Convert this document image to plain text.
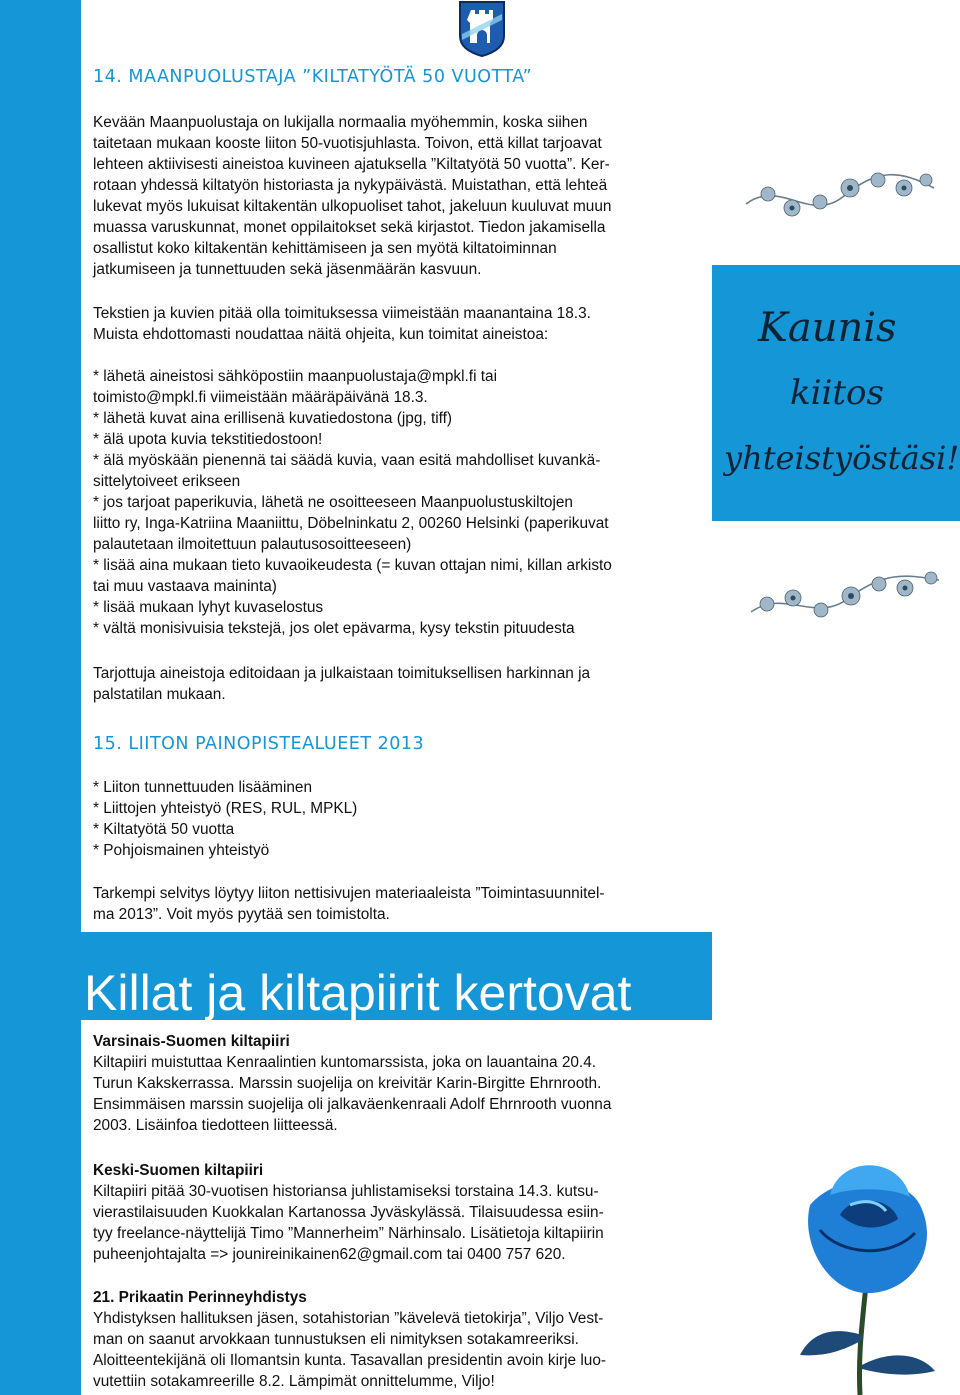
14. MAANPUOLUSTAJA ”KILTATYÖTÄ 50 VUOTTA”
Kevään Maanpuolustaja on lukijalla normaalia myöhemmin, koska siihen
taitetaan mukaan kooste liiton 50-vuotisjuhlasta. Toivon, että killat tarjoavat
lehteen aktiivisesti aineistoa kuvineen ajatuksella ”Kiltatyötä 50 vuotta”. Ker-
rotaan yhdessä kiltatyön historiasta ja nykypäivästä. Muistathan, että lehteä
lukevat myös lukuisat kiltakentän ulkopuoliset tahot, jakeluun kuuluvat muun
muassa varuskunnat, monet oppilaitokset sekä kirjastot. Tiedon jakamisella
osallistut koko kiltakentän kehittämiseen ja sen myötä kiltatoiminnan
jatkumiseen ja tunnettuuden sekä jäsenmäärän kasvuun.
Tekstien ja kuvien pitää olla toimituksessa viimeistään maanantaina 18.3.
Muista ehdottomasti noudattaa näitä ohjeita, kun toimitat aineistoa:
* lähetä aineistosi sähköpostiin maanpuolustaja@mpkl.fi tai
toimisto@mpkl.fi viimeistään määräpäivänä 18.3.
* lähetä kuvat aina erillisenä kuvatiedostona (jpg, tiff)
* älä upota kuvia tekstitiedostoon!
* älä myöskään pienennä tai säädä kuvia, vaan esitä mahdolliset kuvankä-
sittelytoiveet erikseen
* jos tarjoat paperikuvia, lähetä ne osoitteeseen Maanpuolustuskiltojen
liitto ry, Inga-Katriina Maaniittu, Döbelninkatu 2, 00260 Helsinki (paperikuvat
palautetaan ilmoitettuun palautusosoitteeseen)
* lisää aina mukaan tieto kuvaoikeudesta (= kuvan ottajan nimi, killan arkisto
tai muu vastaava maininta)
* lisää mukaan lyhyt kuvaselostus
* vältä monisivuisia tekstejä, jos olet epävarma, kysy tekstin pituudesta
Tarjottuja aineistoja editoidaan ja julkaistaan toimituksellisen harkinnan ja
palstatilan mukaan.
Kaunis
kiitos
yhteistyöstäsi!
15. LIITON PAINOPISTEALUEET 2013
* Liiton tunnettuuden lisääminen
* Liittojen yhteistyö (RES, RUL, MPKL)
* Kiltatyötä 50 vuotta
* Pohjoismainen yhteistyö
Tarkempi selvitys löytyy liiton nettisivujen materiaaleista ”Toimintasuunnitel-
ma 2013”. Voit myös pyytää sen toimistolta.
Killat ja kiltapiirit kertovat
Varsinais-Suomen kiltapiiri
Kiltapiiri muistuttaa Kenraalintien kuntomarssista, joka on lauantaina 20.4.
Turun Kakskerrassa. Marssin suojelija on kreivitär Karin-Birgitte Ehrnrooth.
Ensimmäisen marssin suojelija oli jalkaväenkenraali Adolf Ehrnrooth vuonna
2003. Lisäinfoa tiedotteen liitteessä.
Keski-Suomen kiltapiiri
Kiltapiiri pitää 30-vuotisen historiansa juhlistamiseksi torstaina 14.3. kutsu-
vierastilaisuuden Kuokkalan Kartanossa Jyväskylässä. Tilaisuudessa esiin-
tyy freelance-näyttelijä Timo ”Mannerheim” Närhinsalo. Lisätietoja kiltapiirin
puheenjohtajalta => jounireinikainen62@gmail.com tai 0400 757 620.
21. Prikaatin Perinneyhdistys
Yhdistyksen hallituksen jäsen, sotahistorian ”kävelevä tietokirja”, Viljo Vest-
man on saanut arvokkaan tunnustuksen eli nimityksen sotakamreeriksi.
Aloitteentekijänä oli Ilomantsin kunta. Tasavallan presidentin avoin kirje luo-
vutettiin sotakamreerille 8.2. Lämpimät onnittelumme, Viljo!
